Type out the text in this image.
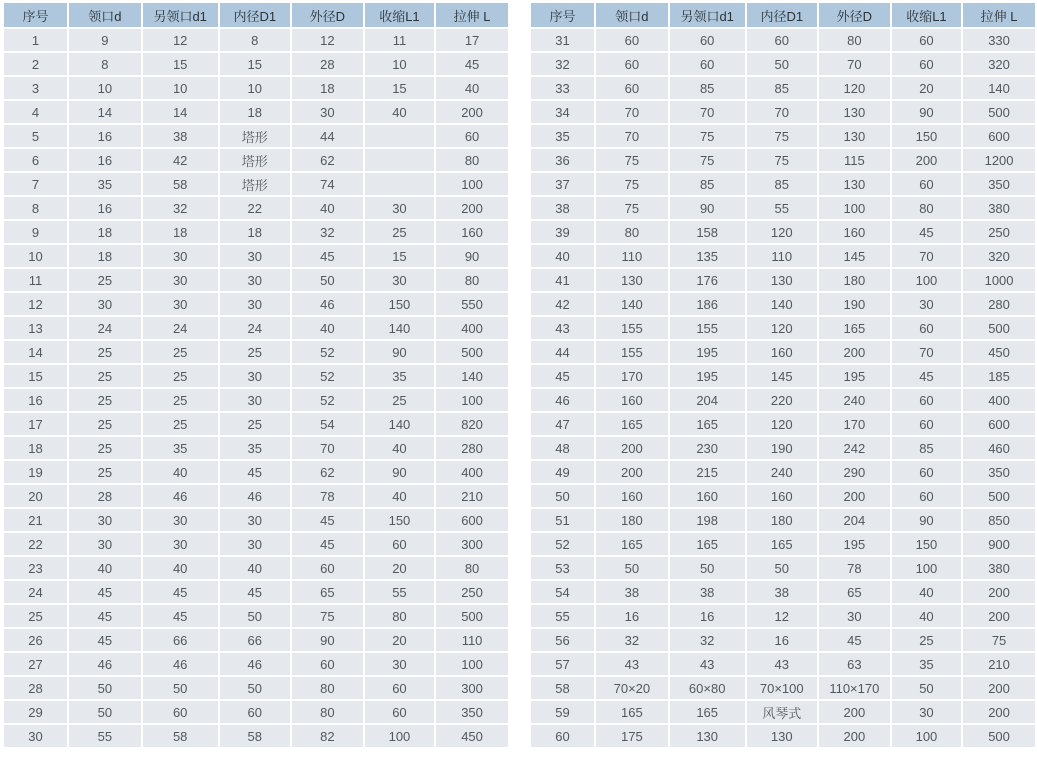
序号	领口d	另领口d1	内径D1	外径D	收缩L1	拉伸 L
1	9	12	8	12	11	17
2	8	15	15	28	10	45
3	10	10	10	18	15	40
4	14	14	18	30	40	200
5	16	38	塔形	44		60
6	16	42	塔形	62		80
7	35	58	塔形	74		100
8	16	32	22	40	30	200
9	18	18	18	32	25	160
10	18	30	30	45	15	90
11	25	30	30	50	30	80
12	30	30	30	46	150	550
13	24	24	24	40	140	400
14	25	25	25	52	90	500
15	25	25	30	52	35	140
16	25	25	30	52	25	100
17	25	25	25	54	140	820
18	25	35	35	70	40	280
19	25	40	45	62	90	400
20	28	46	46	78	40	210
21	30	30	30	45	150	600
22	30	30	30	45	60	300
23	40	40	40	60	20	80
24	45	45	45	65	55	250
25	45	45	50	75	80	500
26	45	66	66	90	20	110
27	46	46	46	60	30	100
28	50	50	50	80	60	300
29	50	60	60	80	60	350
30	55	58	58	82	100	450
序号	领口d	另领口d1	内径D1	外径D	收缩L1	拉伸 L
31	60	60	60	80	60	330
32	60	60	50	70	60	320
33	60	85	85	120	20	140
34	70	70	70	130	90	500
35	70	75	75	130	150	600
36	75	75	75	115	200	1200
37	75	85	85	130	60	350
38	75	90	55	100	80	380
39	80	158	120	160	45	250
40	110	135	110	145	70	320
41	130	176	130	180	100	1000
42	140	186	140	190	30	280
43	155	155	120	165	60	500
44	155	195	160	200	70	450
45	170	195	145	195	45	185
46	160	204	220	240	60	400
47	165	165	120	170	60	600
48	200	230	190	242	85	460
49	200	215	240	290	60	350
50	160	160	160	200	60	500
51	180	198	180	204	90	850
52	165	165	165	195	150	900
53	50	50	50	78	100	380
54	38	38	38	65	40	200
55	16	16	12	30	40	200
56	32	32	16	45	25	75
57	43	43	43	63	35	210
58	70×20	60×80	70×100	110×170	50	200
59	165	165	风琴式	200	30	200
60	175	130	130	200	100	500
